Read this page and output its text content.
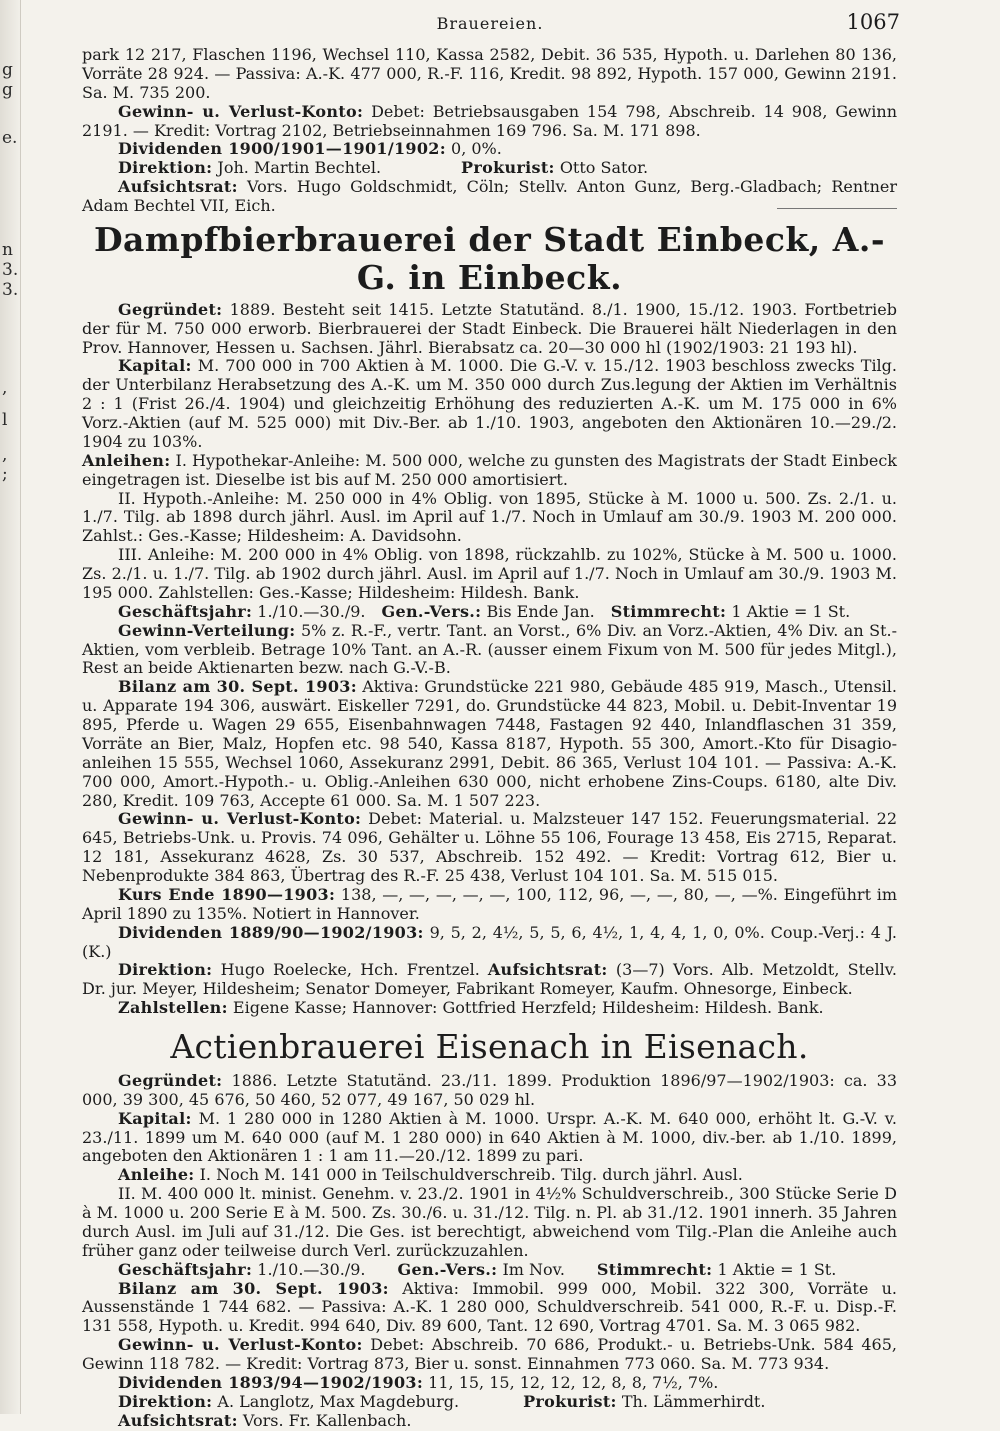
g
g
e.
n
3.
3.
,
l
,
;
Brauereien.	1067

park 12 217, Flaschen 1196, Wechsel 110, Kassa 2582, Debit. 36 535, Hypoth. u. Darlehen 80 136, Vorräte 28 924. — Passiva: A.-K. 477 000, R.-F. 116, Kredit. 98 892, Hypoth. 157 000, Gewinn 2191. Sa. M. 735 200.

Gewinn- u. Verlust-Konto: Debet: Betriebsausgaben 154 798, Abschreib. 14 908, Gewinn 2191. — Kredit: Vortrag 2102, Betriebseinnahmen 169 796. Sa. M. 171 898.

Dividenden 1900/1901—1901/1902: 0, 0%.

Direktion: Joh. Martin Bechtel.     	Prokurist: Otto Sator.

Aufsichtsrat: Vors. Hugo Goldschmidt, Cöln; Stellv. Anton Gunz, Berg.-Gladbach; Rentner Adam Bechtel VII, Eich.

Dampfbierbrauerei der Stadt Einbeck, A.-G. in Einbeck.

Gegründet: 1889. Besteht seit 1415. Letzte Statutänd. 8./1. 1900, 15./12. 1903. Fortbetrieb der für M. 750 000 erworb. Bierbrauerei der Stadt Einbeck. Die Brauerei hält Niederlagen in den Prov. Hannover, Hessen u. Sachsen. Jährl. Bierabsatz ca. 20—30 000 hl (1902/1903: 21 193 hl).

Kapital: M. 700 000 in 700 Aktien à M. 1000. Die G.-V. v. 15./12. 1903 beschloss zwecks Tilg. der Unterbilanz Herabsetzung des A.-K. um M. 350 000 durch Zus.legung der Aktien im Verhältnis 2 : 1 (Frist 26./4. 1904) und gleichzeitig Erhöhung des reduzierten A.-K. um M. 175 000 in 6% Vorz.-Aktien (auf M. 525 000) mit Div.-Ber. ab 1./10. 1903, angeboten den Aktionären 10.—29./2. 1904 zu 103%.

Anleihen: I. Hypothekar-Anleihe: M. 500 000, welche zu gunsten des Magistrats der Stadt Einbeck eingetragen ist. Dieselbe ist bis auf M. 250 000 amortisiert.

II. Hypoth.-Anleihe: M. 250 000 in 4% Oblig. von 1895, Stücke à M. 1000 u. 500. Zs. 2./1. u. 1./7. Tilg. ab 1898 durch jährl. Ausl. im April auf 1./7. Noch in Umlauf am 30./9. 1903 M. 200 000. Zahlst.: Ges.-Kasse; Hildesheim: A. Davidsohn.

III. Anleihe: M. 200 000 in 4% Oblig. von 1898, rückzahlb. zu 102%, Stücke à M. 500 u. 1000. Zs. 2./1. u. 1./7. Tilg. ab 1902 durch jährl. Ausl. im April auf 1./7. Noch in Umlauf am 30./9. 1903 M. 195 000. Zahlstellen: Ges.-Kasse; Hildesheim: Hildesh. Bank.

Geschäftsjahr: 1./10.—30./9.  Gen.-Vers.: Bis Ende Jan.  Stimmrecht: 1 Aktie = 1 St.

Gewinn-Verteilung: 5% z. R.-F., vertr. Tant. an Vorst., 6% Div. an Vorz.-Aktien, 4% Div. an St.-Aktien, vom verbleib. Betrage 10% Tant. an A.-R. (ausser einem Fixum von M. 500 für jedes Mitgl.), Rest an beide Aktienarten bezw. nach G.-V.-B.

Bilanz am 30. Sept. 1903: Aktiva: Grundstücke 221 980, Gebäude 485 919, Masch., Utensil. u. Apparate 194 306, auswärt. Eiskeller 7291, do. Grundstücke 44 823, Mobil. u. Debit-Inventar 19 895, Pferde u. Wagen 29 655, Eisenbahnwagen 7448, Fastagen 92 440, Inlandflaschen 31 359, Vorräte an Bier, Malz, Hopfen etc. 98 540, Kassa 8187, Hypoth. 55 300, Amort.-Kto für Disagio-anleihen 15 555, Wechsel 1060, Assekuranz 2991, Debit. 86 365, Verlust 104 101. — Passiva: A.-K. 700 000, Amort.-Hypoth.- u. Oblig.-Anleihen 630 000, nicht erhobene Zins-Coups. 6180, alte Div. 280, Kredit. 109 763, Accepte 61 000. Sa. M. 1 507 223.

Gewinn- u. Verlust-Konto: Debet: Material. u. Malzsteuer 147 152. Feuerungsmaterial. 22 645, Betriebs-Unk. u. Provis. 74 096, Gehälter u. Löhne 55 106, Fourage 13 458, Eis 2715, Reparat. 12 181, Assekuranz 4628, Zs. 30 537, Abschreib. 152 492. — Kredit: Vortrag 612, Bier u. Nebenprodukte 384 863, Übertrag des R.-F. 25 438, Verlust 104 101. Sa. M. 515 015.

Kurs Ende 1890—1903: 138, —, —, —, —, —, 100, 112, 96, —, —, 80, —, —%. Eingeführt im April 1890 zu 135%. Notiert in Hannover.

Dividenden 1889/90—1902/1903: 9, 5, 2, 4½, 5, 5, 6, 4½, 1, 4, 4, 1, 0, 0%. Coup.-Verj.: 4 J. (K.)

Direktion: Hugo Roelecke, Hch. Frentzel.  Aufsichtsrat: (3—7) Vors. Alb. Metzoldt, Stellv. Dr. jur. Meyer, Hildesheim; Senator Domeyer, Fabrikant Romeyer, Kaufm. Ohnesorge, Einbeck.

Zahlstellen: Eigene Kasse; Hannover: Gottfried Herzfeld; Hildesheim: Hildesh. Bank.

Actienbrauerei Eisenach in Eisenach.

Gegründet: 1886. Letzte Statutänd. 23./11. 1899. Produktion 1896/97—1902/1903: ca. 33 000, 39 300, 45 676, 50 460, 52 077, 49 167, 50 029 hl.

Kapital: M. 1 280 000 in 1280 Aktien à M. 1000. Urspr. A.-K. M. 640 000, erhöht lt. G.-V. v. 23./11. 1899 um M. 640 000 (auf M. 1 280 000) in 640 Aktien à M. 1000, div.-ber. ab 1./10. 1899, angeboten den Aktionären 1 : 1 am 11.—20./12. 1899 zu pari.

Anleihe: I. Noch M. 141 000 in Teilschuldverschreib. Tilg. durch jährl. Ausl.

II. M. 400 000 lt. minist. Genehm. v. 23./2. 1901 in 4½% Schuldverschreib., 300 Stücke Serie D à M. 1000 u. 200 Serie E à M. 500. Zs. 30./6. u. 31./12. Tilg. n. Pl. ab 31./12. 1901 innerh. 35 Jahren durch Ausl. im Juli auf 31./12. Die Ges. ist berechtigt, abweichend vom Tilg.-Plan die Anleihe auch früher ganz oder teilweise durch Verl. zurückzuzahlen.

Geschäftsjahr: 1./10.—30./9.   Gen.-Vers.: Im Nov.   Stimmrecht: 1 Aktie = 1 St.

Bilanz am 30. Sept. 1903: Aktiva: Immobil. 999 000, Mobil. 322 300, Vorräte u. Aussenstände 1 744 682. — Passiva: A.-K. 1 280 000, Schuldverschreib. 541 000, R.-F. u. Disp.-F. 131 558, Hypoth. u. Kredit. 994 640, Div. 89 600, Tant. 12 690, Vortrag 4701. Sa. M. 3 065 982.

Gewinn- u. Verlust-Konto: Debet: Abschreib. 70 686, Produkt.- u. Betriebs-Unk. 584 465, Gewinn 118 782. — Kredit: Vortrag 873, Bier u. sonst. Einnahmen 773 060. Sa. M. 773 934.

Dividenden 1893/94—1902/1903: 11, 15, 15, 12, 12, 12, 8, 8, 7½, 7%.

Direktion: A. Langlotz, Max Magdeburg.    	Prokurist: Th. Lämmerhirdt.

Aufsichtsrat: Vors. Fr. Kallenbach.
